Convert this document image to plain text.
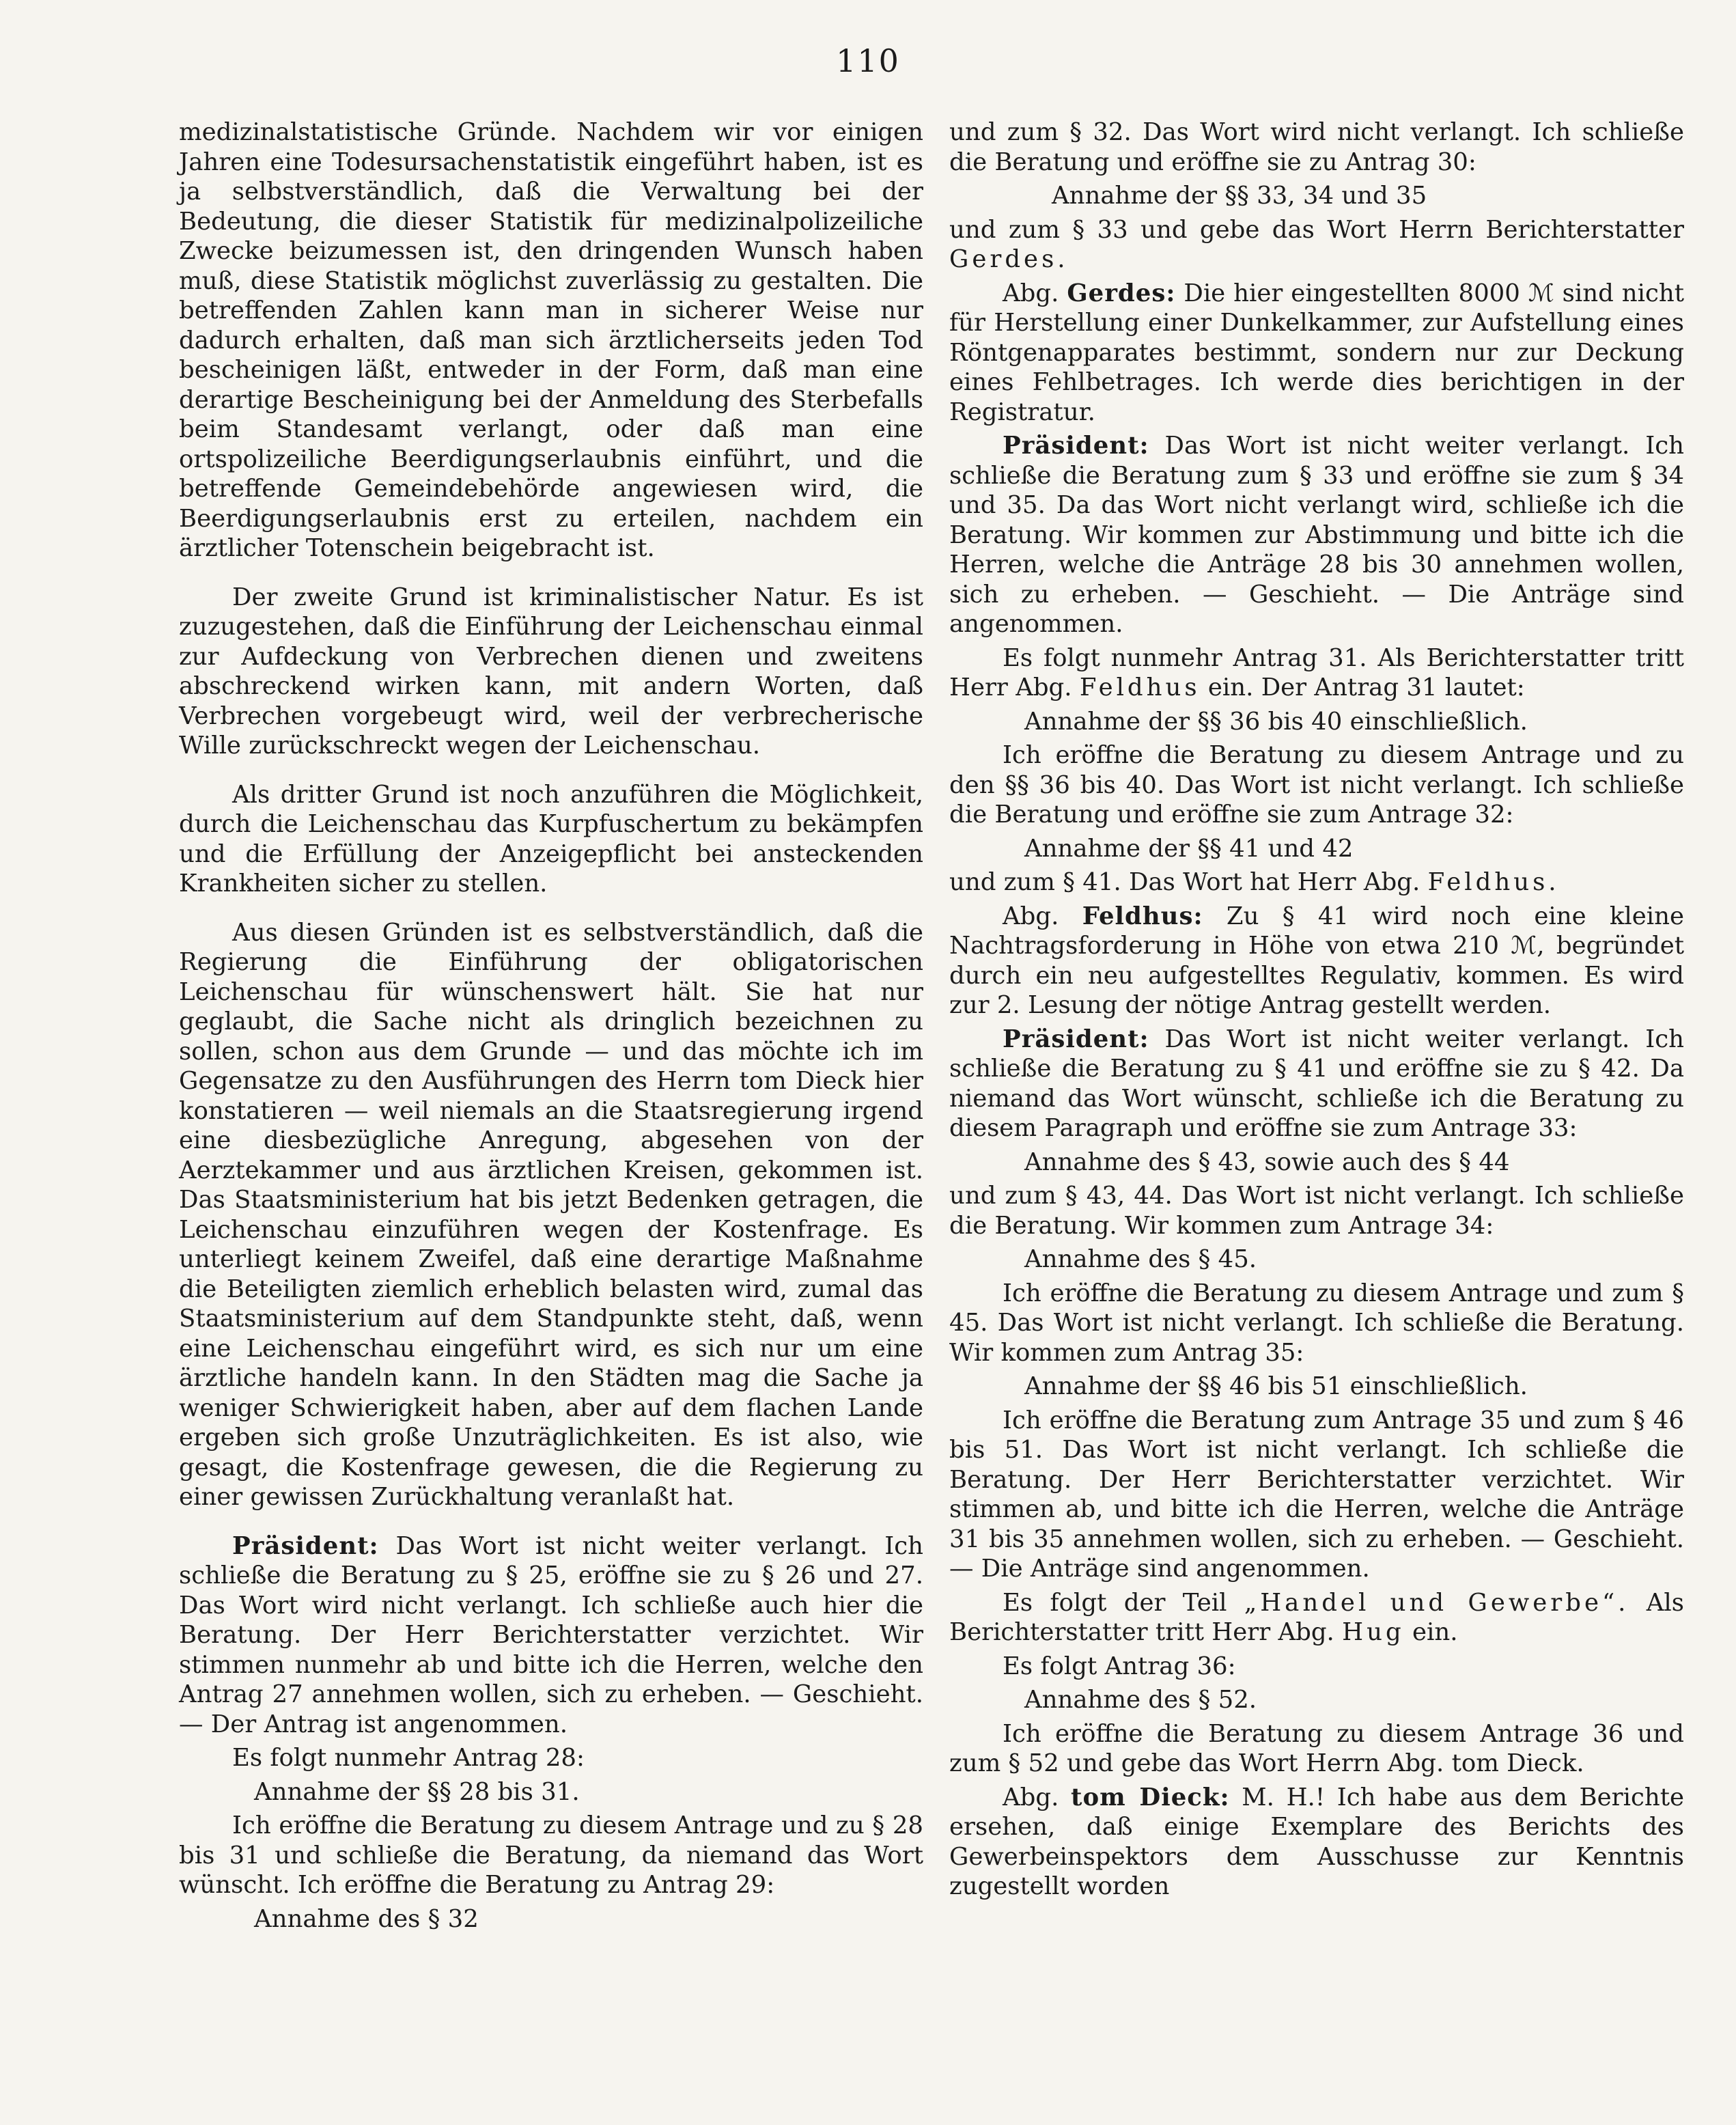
110

medizinalstatistische Gründe. Nachdem wir vor einigen Jahren eine Todesursachenstatistik eingeführt haben, ist es ja selbstverständlich, daß die Verwaltung bei der Bedeutung, die dieser Statistik für medizinalpolizeiliche Zwecke beizumessen ist, den dringenden Wunsch haben muß, diese Statistik möglichst zuverlässig zu gestalten. Die betreffenden Zahlen kann man in sicherer Weise nur dadurch erhalten, daß man sich ärztlicherseits jeden Tod bescheinigen läßt, entweder in der Form, daß man eine derartige Bescheinigung bei der Anmeldung des Sterbefalls beim Standesamt verlangt, oder daß man eine ortspolizeiliche Beerdigungserlaubnis einführt, und die betreffende Gemeindebehörde angewiesen wird, die Beerdigungserlaubnis erst zu erteilen, nachdem ein ärztlicher Totenschein beigebracht ist.

Der zweite Grund ist kriminalistischer Natur. Es ist zuzugestehen, daß die Einführung der Leichenschau einmal zur Aufdeckung von Verbrechen dienen und zweitens abschreckend wirken kann, mit andern Worten, daß Verbrechen vorgebeugt wird, weil der verbrecherische Wille zurückschreckt wegen der Leichenschau.

Als dritter Grund ist noch anzuführen die Möglichkeit, durch die Leichenschau das Kurpfuschertum zu bekämpfen und die Erfüllung der Anzeigepflicht bei ansteckenden Krankheiten sicher zu stellen.

Aus diesen Gründen ist es selbstverständlich, daß die Regierung die Einführung der obligatorischen Leichenschau für wünschenswert hält. Sie hat nur geglaubt, die Sache nicht als dringlich bezeichnen zu sollen, schon aus dem Grunde — und das möchte ich im Gegensatze zu den Ausführungen des Herrn tom Dieck hier konstatieren — weil niemals an die Staatsregierung irgend eine diesbezügliche Anregung, abgesehen von der Aerztekammer und aus ärztlichen Kreisen, gekommen ist. Das Staatsministerium hat bis jetzt Bedenken getragen, die Leichenschau einzuführen wegen der Kostenfrage. Es unterliegt keinem Zweifel, daß eine derartige Maßnahme die Beteiligten ziemlich erheblich belasten wird, zumal das Staatsministerium auf dem Standpunkte steht, daß, wenn eine Leichenschau eingeführt wird, es sich nur um eine ärztliche handeln kann. In den Städten mag die Sache ja weniger Schwierigkeit haben, aber auf dem flachen Lande ergeben sich große Unzuträglichkeiten. Es ist also, wie gesagt, die Kostenfrage gewesen, die die Regierung zu einer gewissen Zurückhaltung veranlaßt hat.

Präsident: Das Wort ist nicht weiter verlangt. Ich schließe die Beratung zu § 25, eröffne sie zu § 26 und 27. Das Wort wird nicht verlangt. Ich schließe auch hier die Beratung. Der Herr Berichterstatter verzichtet. Wir stimmen nunmehr ab und bitte ich die Herren, welche den Antrag 27 annehmen wollen, sich zu erheben. — Geschieht. — Der Antrag ist angenommen.

Es folgt nunmehr Antrag 28:

Annahme der §§ 28 bis 31.

Ich eröffne die Beratung zu diesem Antrage und zu § 28 bis 31 und schließe die Beratung, da niemand das Wort wünscht. Ich eröffne die Beratung zu Antrag 29:

Annahme des § 32

und zum § 32. Das Wort wird nicht verlangt. Ich schließe die Beratung und eröffne sie zu Antrag 30:

Annahme der §§ 33, 34 und 35

und zum § 33 und gebe das Wort Herrn Berichterstatter Gerdes.

Abg. Gerdes: Die hier eingestellten 8000 ℳ sind nicht für Herstellung einer Dunkelkammer, zur Aufstellung eines Röntgenapparates bestimmt, sondern nur zur Deckung eines Fehlbetrages. Ich werde dies berichtigen in der Registratur.

Präsident: Das Wort ist nicht weiter verlangt. Ich schließe die Beratung zum § 33 und eröffne sie zum § 34 und 35. Da das Wort nicht verlangt wird, schließe ich die Beratung. Wir kommen zur Abstimmung und bitte ich die Herren, welche die Anträge 28 bis 30 annehmen wollen, sich zu erheben. — Geschieht. — Die Anträge sind angenommen.

Es folgt nunmehr Antrag 31. Als Berichterstatter tritt Herr Abg. Feldhus ein. Der Antrag 31 lautet:

Annahme der §§ 36 bis 40 einschließlich.

Ich eröffne die Beratung zu diesem Antrage und zu den §§ 36 bis 40. Das Wort ist nicht verlangt. Ich schließe die Beratung und eröffne sie zum Antrage 32:

Annahme der §§ 41 und 42

und zum § 41. Das Wort hat Herr Abg. Feldhus.

Abg. Feldhus: Zu § 41 wird noch eine kleine Nachtragsforderung in Höhe von etwa 210 ℳ, begründet durch ein neu aufgestelltes Regulativ, kommen. Es wird zur 2. Lesung der nötige Antrag gestellt werden.

Präsident: Das Wort ist nicht weiter verlangt. Ich schließe die Beratung zu § 41 und eröffne sie zu § 42. Da niemand das Wort wünscht, schließe ich die Beratung zu diesem Paragraph und eröffne sie zum Antrage 33:

Annahme des § 43, sowie auch des § 44

und zum § 43, 44. Das Wort ist nicht verlangt. Ich schließe die Beratung. Wir kommen zum Antrage 34:

Annahme des § 45.

Ich eröffne die Beratung zu diesem Antrage und zum § 45. Das Wort ist nicht verlangt. Ich schließe die Beratung. Wir kommen zum Antrag 35:

Annahme der §§ 46 bis 51 einschließlich.

Ich eröffne die Beratung zum Antrage 35 und zum § 46 bis 51. Das Wort ist nicht verlangt. Ich schließe die Beratung. Der Herr Berichterstatter verzichtet. Wir stimmen ab, und bitte ich die Herren, welche die Anträge 31 bis 35 annehmen wollen, sich zu erheben. — Geschieht. — Die Anträge sind angenommen.

Es folgt der Teil „Handel und Gewerbe“. Als Berichterstatter tritt Herr Abg. Hug ein.

Es folgt Antrag 36:

Annahme des § 52.

Ich eröffne die Beratung zu diesem Antrage 36 und zum § 52 und gebe das Wort Herrn Abg. tom Dieck.

Abg. tom Dieck: M. H.! Ich habe aus dem Berichte ersehen, daß einige Exemplare des Berichts des Gewerbeinspektors dem Ausschusse zur Kenntnis zugestellt worden
